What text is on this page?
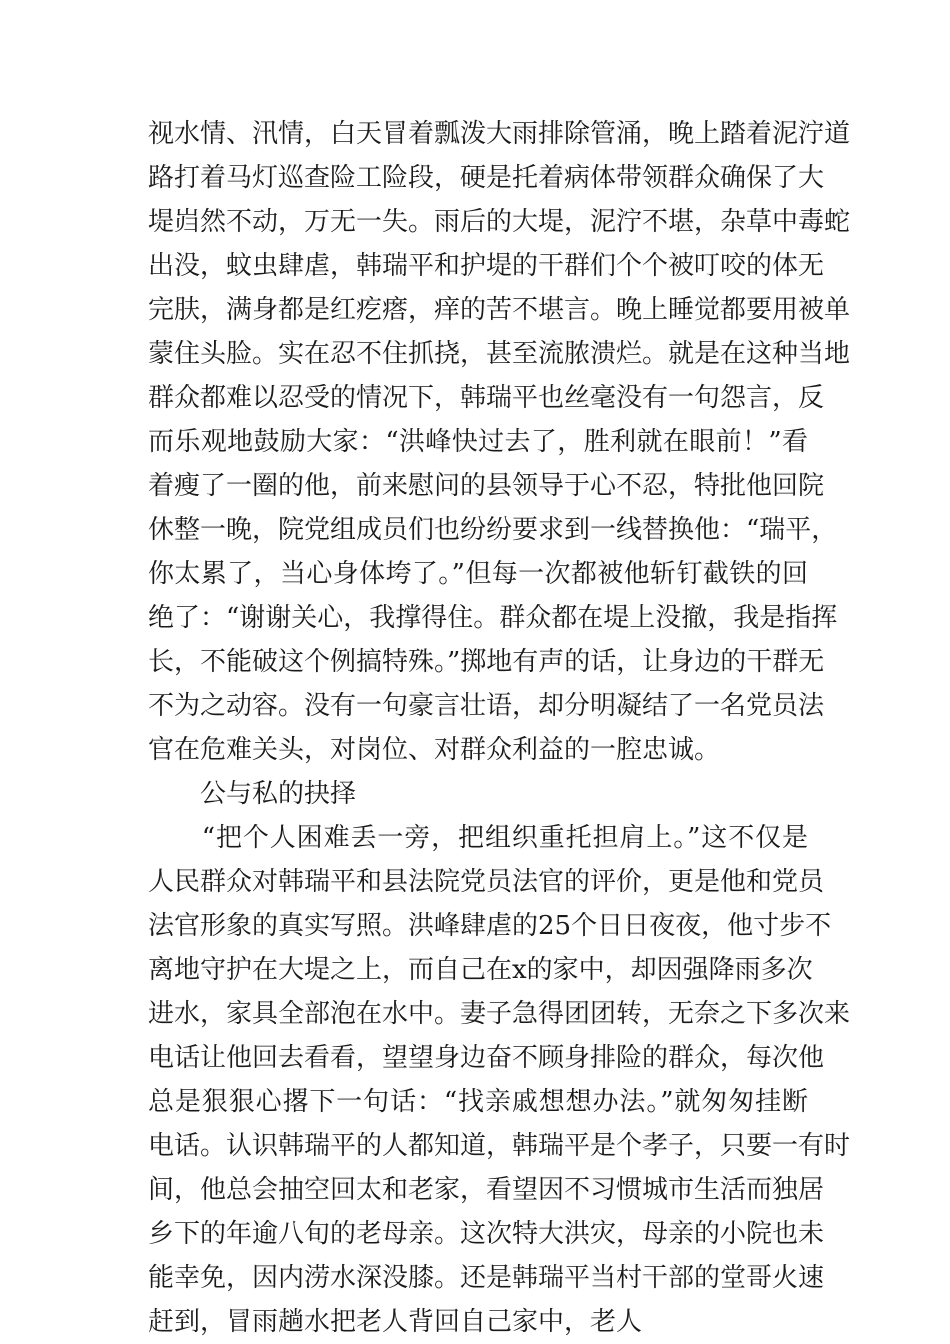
视水情、汛情，白天冒着瓢泼大雨排除管涌，晚上踏着泥泞道
路打着马灯巡查险工险段，硬是托着病体带领群众确保了大
堤岿然不动，万无一失。雨后的大堤，泥泞不堪，杂草中毒蛇
出没，蚊虫肆虐，韩瑞平和护堤的干群们个个被叮咬的体无
完肤，满身都是红疙瘩，痒的苦不堪言。晚上睡觉都要用被单
蒙住头脸。实在忍不住抓挠，甚至流脓溃烂。就是在这种当地
群众都难以忍受的情况下，韩瑞平也丝毫没有一句怨言，反
而乐观地鼓励大家：“洪峰快过去了，胜利就在眼前！”看
着瘦了一圈的他，前来慰问的县领导于心不忍，特批他回院
休整一晚，院党组成员们也纷纷要求到一线替换他：“瑞平，
你太累了，当心身体垮了。”但每一次都被他斩钉截铁的回
绝了：“谢谢关心，我撑得住。群众都在堤上没撤，我是指挥
长，不能破这个例搞特殊。”掷地有声的话，让身边的干群无
不为之动容。没有一句豪言壮语，却分明凝结了一名党员法
官在危难关头，对岗位、对群众利益的一腔忠诚。
公与私的抉择
　　“把个人困难丢一旁，把组织重托担肩上。”这不仅是
人民群众对韩瑞平和县法院党员法官的评价，更是他和党员
法官形象的真实写照。洪峰肆虐的25个日日夜夜，他寸步不
离地守护在大堤之上，而自己在x的家中，却因强降雨多次
进水，家具全部泡在水中。妻子急得团团转，无奈之下多次来
电话让他回去看看，望望身边奋不顾身排险的群众，每次他
总是狠狠心撂下一句话：“找亲戚想想办法。”就匆匆挂断
电话。认识韩瑞平的人都知道，韩瑞平是个孝子，只要一有时
间，他总会抽空回太和老家，看望因不习惯城市生活而独居
乡下的年逾八旬的老母亲。这次特大洪灾，母亲的小院也未
能幸免，因内涝水深没膝。还是韩瑞平当村干部的堂哥火速
赶到，冒雨趟水把老人背回自己家中，老人
